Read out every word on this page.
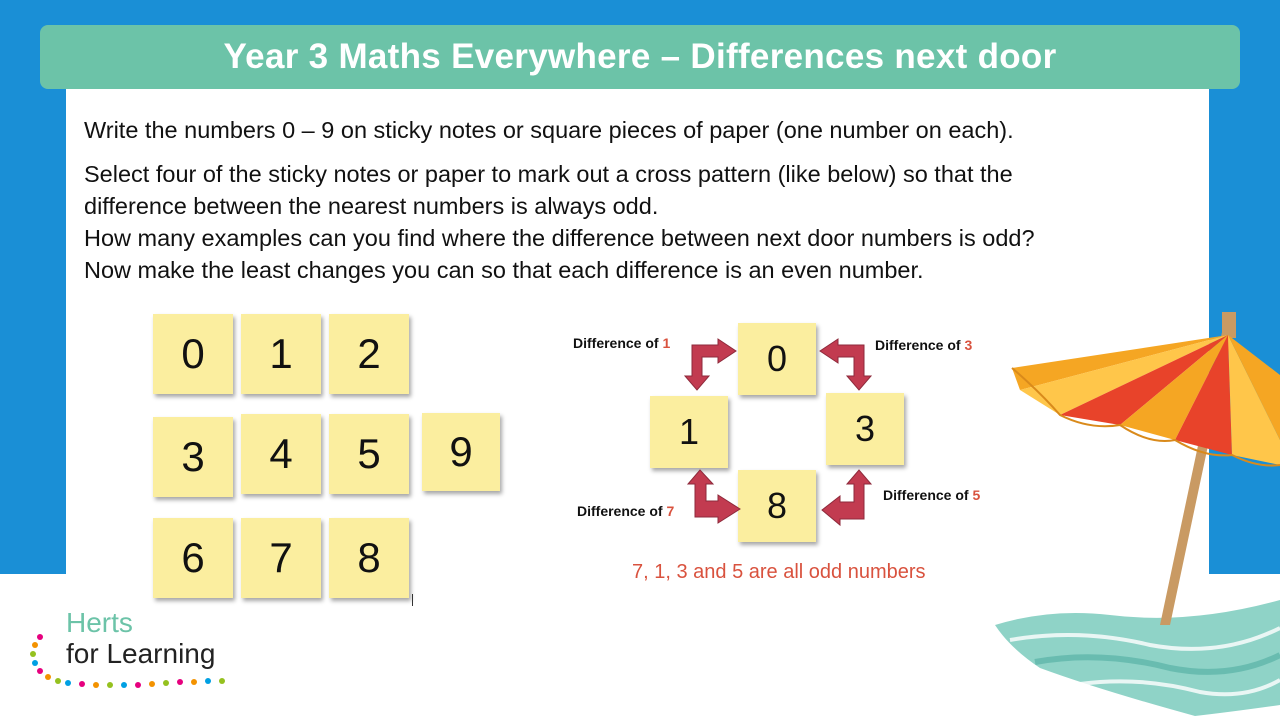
Year 3 Maths Everywhere – Differences next door
Write the numbers 0 – 9 on sticky notes or square pieces of paper (one number on each).
Select four of the sticky notes or paper to mark out a cross pattern (like below) so that the
difference between the nearest numbers is always odd.
How many examples can you find where the difference between next door numbers is odd?
Now make the least changes you can so that each difference is an even number.
0 1 2
3 4 5 9
6 7 8
0
1	3
8
Difference of 1	Difference of 3
Difference of 5
Difference of 7
7, 1, 3 and 5 are all odd numbers
Herts
for Learning
